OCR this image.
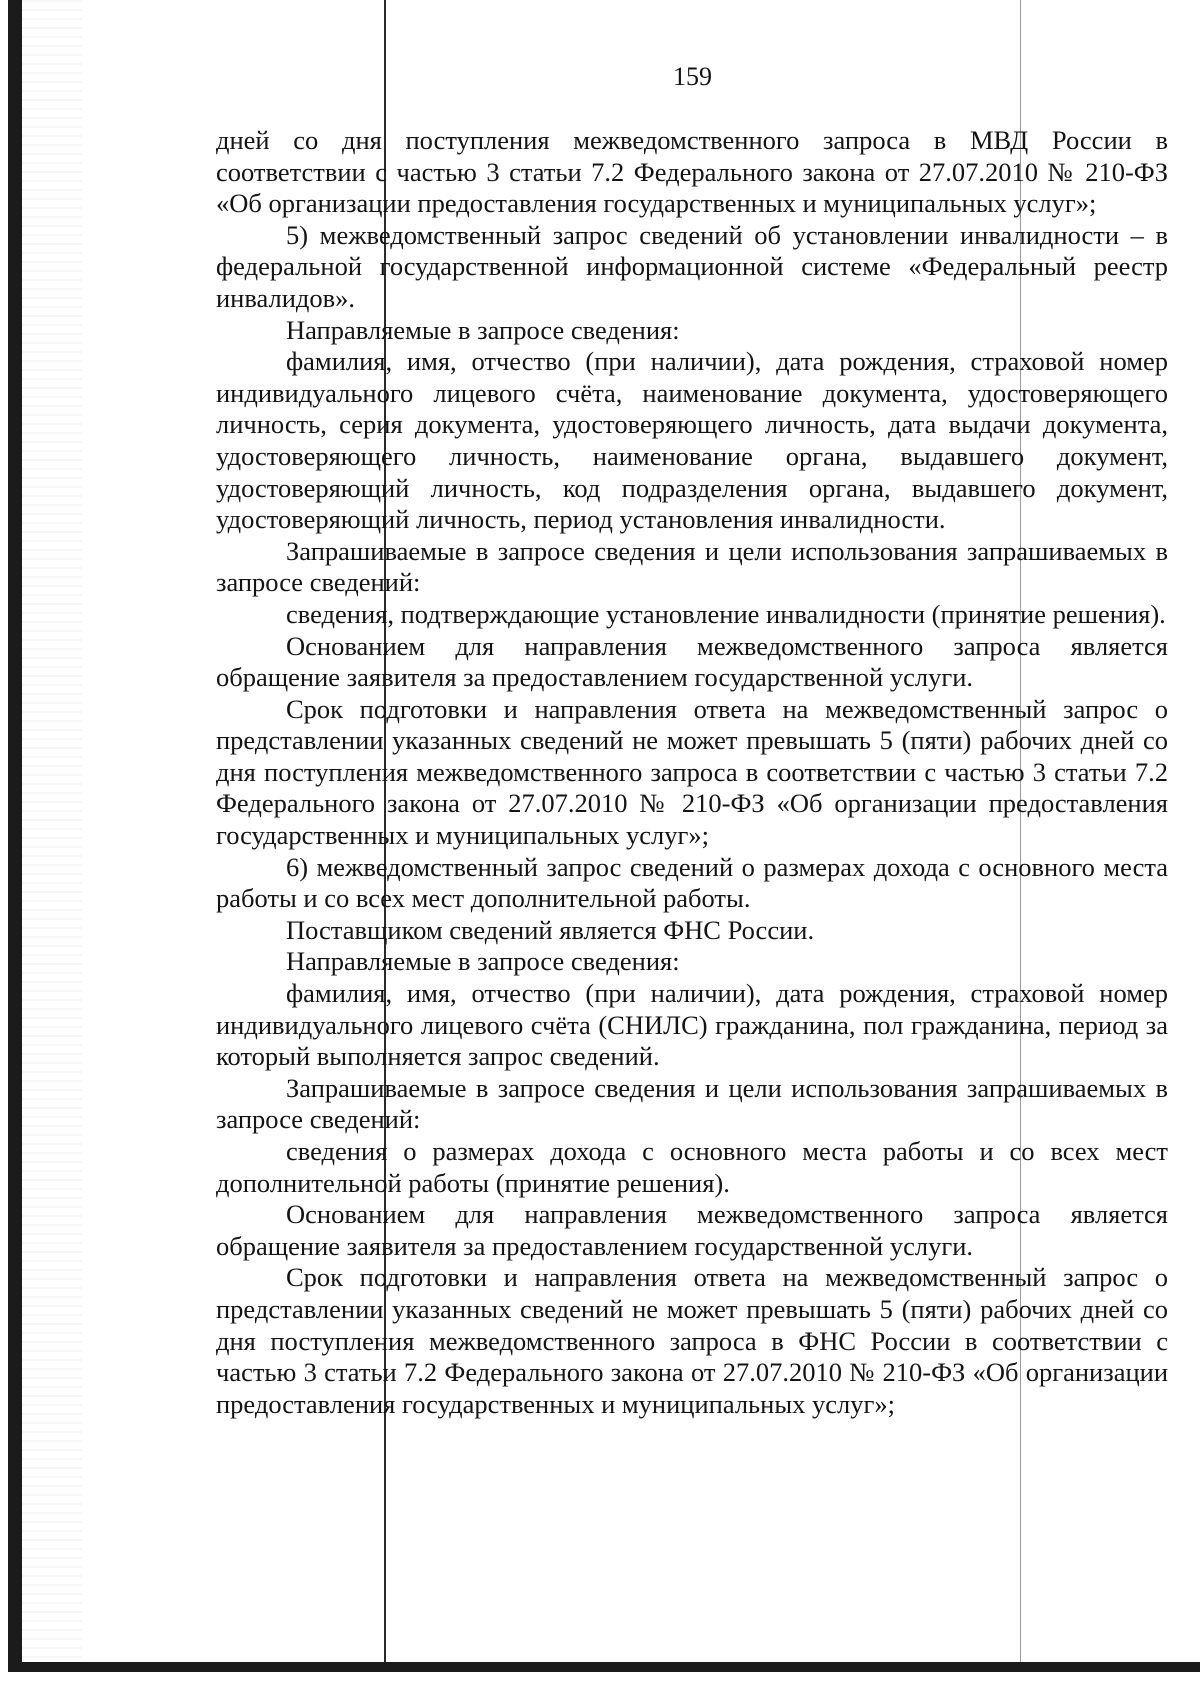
159

дней со дня поступления межведомственного запроса в МВД России в соответствии с частью 3 статьи 7.2 Федерального закона от 27.07.2010 № 210-ФЗ «Об организации предоставления государственных и муниципальных услуг»;

5) межведомственный запрос сведений об установлении инвалидности – в федеральной государственной информационной системе «Федеральный реестр инвалидов».

Направляемые в запросе сведения:

фамилия, имя, отчество (при наличии), дата рождения, страховой номер индивидуального лицевого счёта, наименование документа, удостоверяющего личность, серия документа, удостоверяющего личность, дата выдачи документа, удостоверяющего личность, наименование органа, выдавшего документ, удостоверяющий личность, код подразделения органа, выдавшего документ, удостоверяющий личность, период установления инвалидности.

Запрашиваемые в запросе сведения и цели использования запрашиваемых в запросе сведений:

сведения, подтверждающие установление инвалидности (принятие решения).

Основанием для направления межведомственного запроса является обращение заявителя за предоставлением государственной услуги.

Срок подготовки и направления ответа на межведомственный запрос о представлении указанных сведений не может превышать 5 (пяти) рабочих дней со дня поступления межведомственного запроса в соответствии с частью 3 статьи 7.2 Федерального закона от 27.07.2010 № 210-ФЗ «Об организации предоставления государственных и муниципальных услуг»;

6) межведомственный запрос сведений о размерах дохода с основного места работы и со всех мест дополнительной работы.

Поставщиком сведений является ФНС России.

Направляемые в запросе сведения:

фамилия, имя, отчество (при наличии), дата рождения, страховой номер индивидуального лицевого счёта (СНИЛС) гражданина, пол гражданина, период за который выполняется запрос сведений.

Запрашиваемые в запросе сведения и цели использования запрашиваемых в запросе сведений:

сведения о размерах дохода с основного места работы и со всех мест дополнительной работы (принятие решения).

Основанием для направления межведомственного запроса является обращение заявителя за предоставлением государственной услуги.

Срок подготовки и направления ответа на межведомственный запрос о представлении указанных сведений не может превышать 5 (пяти) рабочих дней со дня поступления межведомственного запроса в ФНС России в соответствии с частью 3 статьи 7.2 Федерального закона от 27.07.2010 № 210-ФЗ «Об организации предоставления государственных и муниципальных услуг»;
